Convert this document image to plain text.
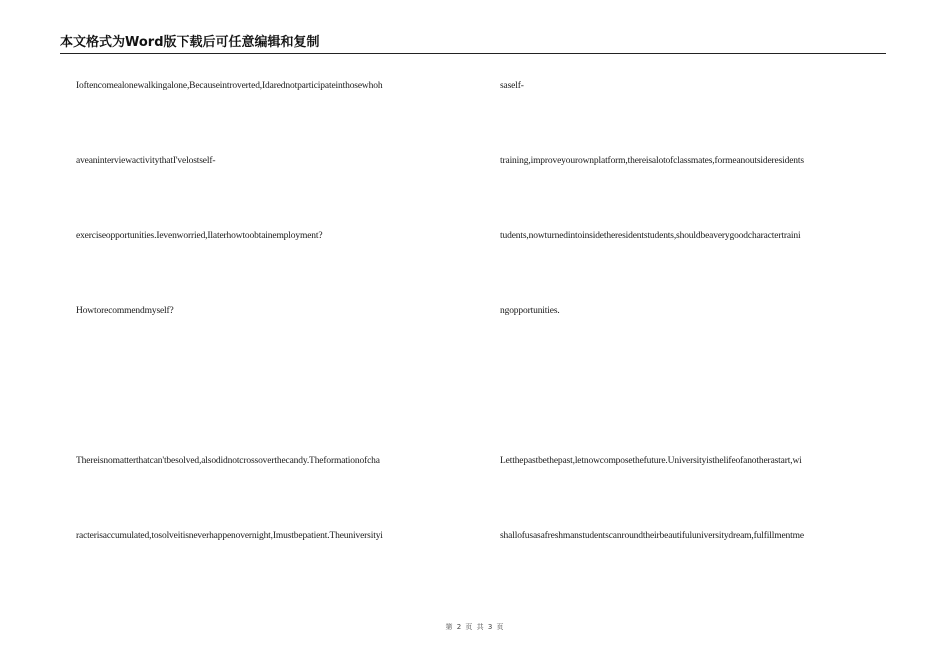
本文格式为Word版下载后可任意编辑和复制
Ioftencomealonewalkingalone,Becauseintroverted,Idarednotparticipateinthosewhoh
aveaninterviewactivitythatI'velostself-
exerciseopportunities.Ievenworried,Ilaterhowtoobtainemployment?
Howtorecommendmyself?
Thereisnomatterthatcan'tbesolved,alsodidnotcrossoverthecandy.Theformationofcha
racterisaccumulated,tosolveitisneverhappenovernight,Imustbepatient.Theuniversityi
saself-
training,improveyourownplatform,thereisalotofclassmates,formeanoutsideresidents
tudents,nowturnedintoinsidetheresidentstudents,shouldbeaverygoodcharactertraini
ngopportunities.
Letthepastbethepast,letnowcomposethefuture.Universityisthelifeofanotherastart,wi
shallofusasafreshmanstudentscanroundtheirbeautifuluniversitydream,fulfillmentme
第 2 页 共 3 页
